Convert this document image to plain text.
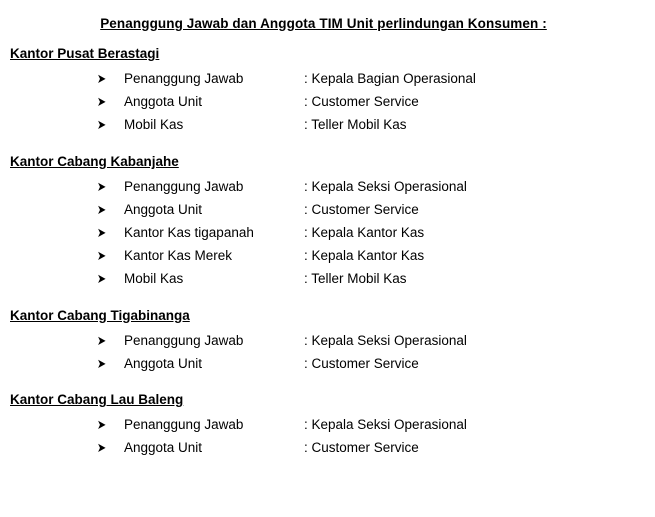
Penanggung Jawab dan Anggota TIM Unit perlindungan Konsumen :
Kantor Pusat Berastagi
➤	Penanggung Jawab	: Kepala Bagian Operasional
➤	Anggota Unit	: Customer Service
➤	Mobil Kas	: Teller Mobil Kas
Kantor Cabang Kabanjahe
➤	Penanggung Jawab	: Kepala Seksi Operasional
➤	Anggota Unit	: Customer Service
➤	Kantor Kas tigapanah	: Kepala Kantor Kas
➤	Kantor Kas Merek	: Kepala Kantor Kas
➤	Mobil Kas	: Teller Mobil Kas
Kantor Cabang Tigabinanga
➤	Penanggung Jawab	: Kepala Seksi Operasional
➤	Anggota Unit	: Customer Service
Kantor Cabang Lau Baleng
➤	Penanggung Jawab	: Kepala Seksi Operasional
➤	Anggota Unit	: Customer Service
